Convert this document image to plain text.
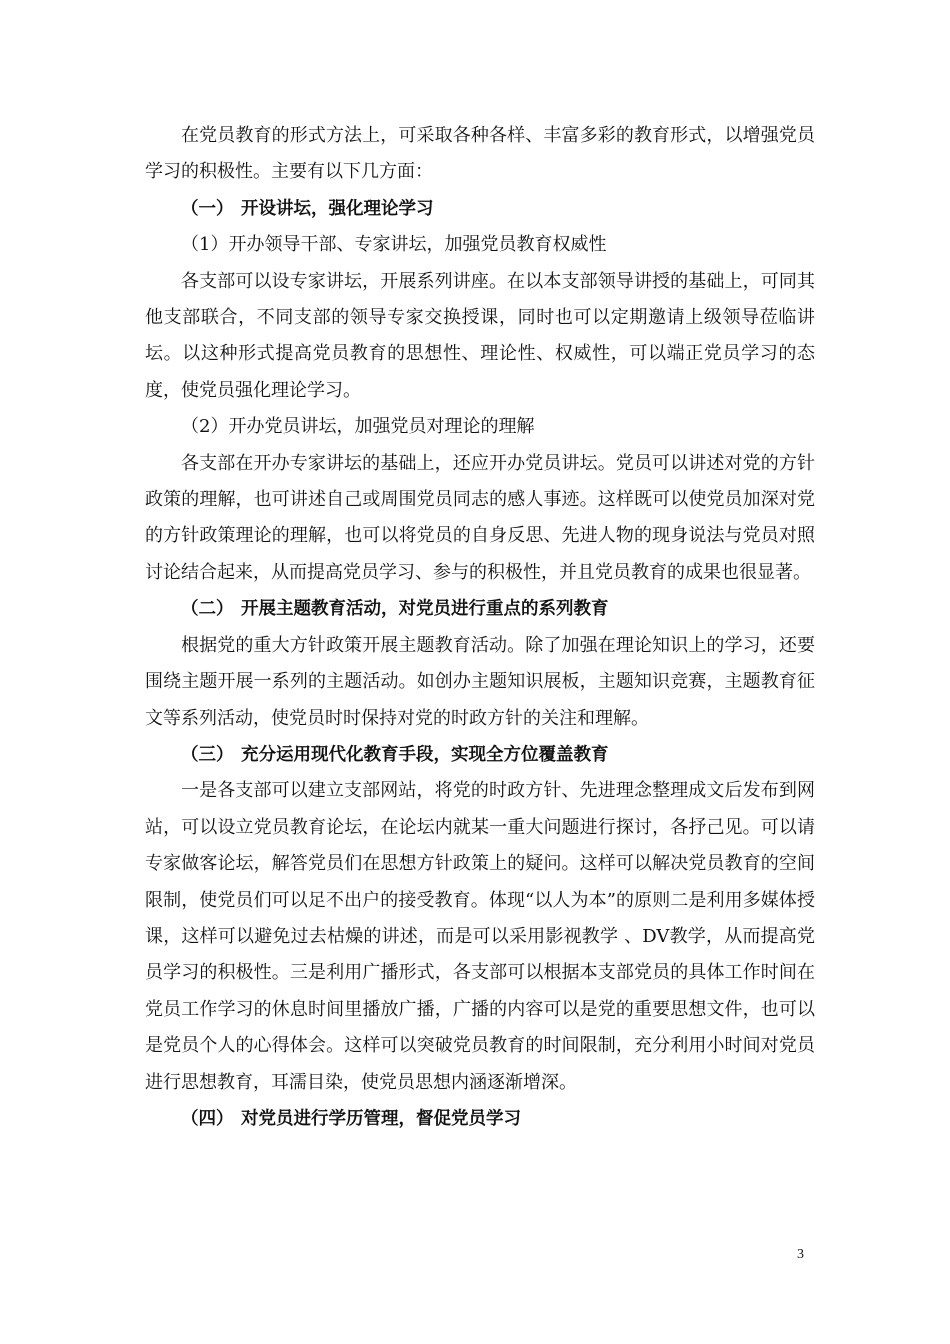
在党员教育的形式方法上，可采取各种各样、丰富多彩的教育形式，以增强党员学习的积极性。主要有以下几方面：

（一） 开设讲坛，强化理论学习
（1）开办领导干部、专家讲坛，加强党员教育权威性

各支部可以设专家讲坛，开展系列讲座。在以本支部领导讲授的基础上，可同其他支部联合，不同支部的领导专家交换授课，同时也可以定期邀请上级领导莅临讲坛。以这种形式提高党员教育的思想性、理论性、权威性，可以端正党员学习的态度，使党员强化理论学习。

（2）开办党员讲坛，加强党员对理论的理解

各支部在开办专家讲坛的基础上，还应开办党员讲坛。党员可以讲述对党的方针政策的理解，也可讲述自己或周围党员同志的感人事迹。这样既可以使党员加深对党的方针政策理论的理解，也可以将党员的自身反思、先进人物的现身说法与党员对照讨论结合起来，从而提高党员学习、参与的积极性，并且党员教育的成果也很显著。

（二） 开展主题教育活动，对党员进行重点的系列教育

根据党的重大方针政策开展主题教育活动。除了加强在理论知识上的学习，还要围绕主题开展一系列的主题活动。如创办主题知识展板，主题知识竞赛，主题教育征文等系列活动，使党员时时保持对党的时政方针的关注和理解。

（三） 充分运用现代化教育手段，实现全方位覆盖教育

一是各支部可以建立支部网站，将党的时政方针、先进理念整理成文后发布到网站，可以设立党员教育论坛，在论坛内就某一重大问题进行探讨，各抒己见。可以请专家做客论坛，解答党员们在思想方针政策上的疑问。这样可以解决党员教育的空间限制，使党员们可以足不出户的接受教育。体现“以人为本”的原则二是利用多媒体授课，这样可以避免过去枯燥的讲述，而是可以采用影视教学 、DV教学，从而提高党员学习的积极性。三是利用广播形式，各支部可以根据本支部党员的具体工作时间在党员工作学习的休息时间里播放广播，广播的内容可以是党的重要思想文件，也可以是党员个人的心得体会。这样可以突破党员教育的时间限制，充分利用小时间对党员进行思想教育，耳濡目染，使党员思想内涵逐渐增深。

（四） 对党员进行学历管理，督促党员学习
3
